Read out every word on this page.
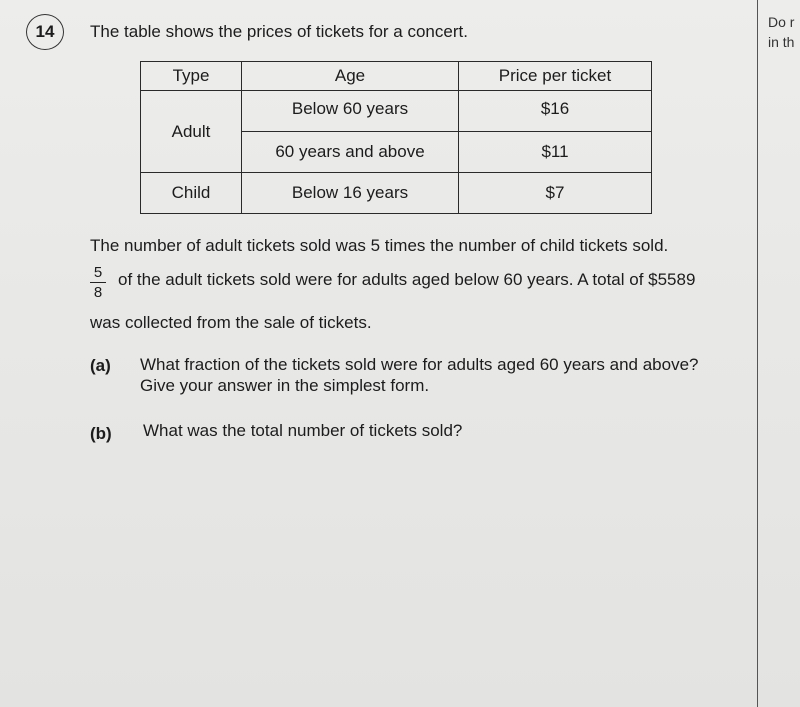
14	The table shows the prices of tickets for a concert.	Do r
in th
Type	Age	Price per ticket
Adult	Below 60 years	$16
	60 years and above	$11
Child	Below 16 years	$7
The number of adult tickets sold was 5 times the number of child tickets sold.
5
8
of the adult tickets sold were for adults aged below 60 years. A total of $5589
was collected from the sale of tickets.
(a) What fraction of the tickets sold were for adults aged 60 years and above?
Give your answer in the simplest form.
(b) What was the total number of tickets sold?
